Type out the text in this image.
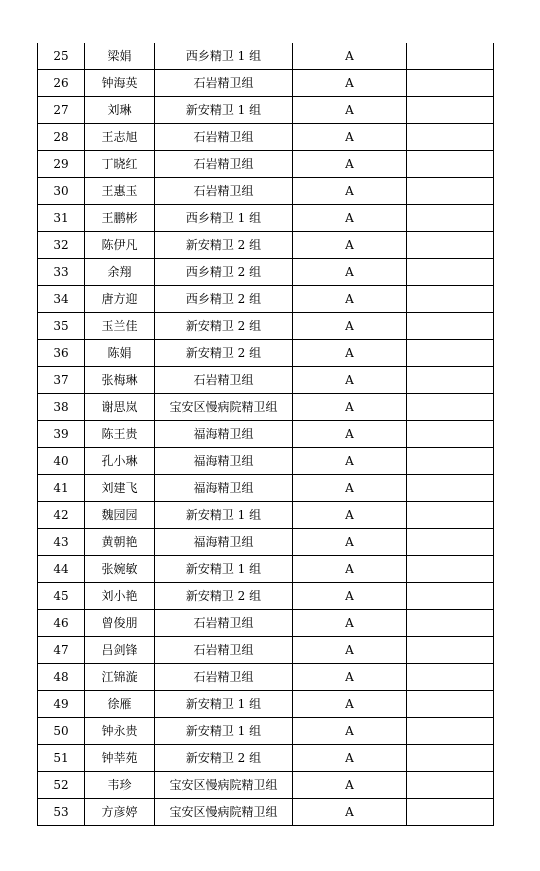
25	梁娟	西乡精卫 1 组	A	
26	钟海英	石岩精卫组	A	
27	刘琳	新安精卫 1 组	A	
28	王志旭	石岩精卫组	A	
29	丁晓红	石岩精卫组	A	
30	王惠玉	石岩精卫组	A	
31	王鹏彬	西乡精卫 1 组	A	
32	陈伊凡	新安精卫 2 组	A	
33	余翔	西乡精卫 2 组	A	
34	唐方迎	西乡精卫 2 组	A	
35	玉兰佳	新安精卫 2 组	A	
36	陈娟	新安精卫 2 组	A	
37	张梅琳	石岩精卫组	A	
38	谢思岚	宝安区慢病院精卫组	A	
39	陈王贵	福海精卫组	A	
40	孔小琳	福海精卫组	A	
41	刘建飞	福海精卫组	A	
42	魏园园	新安精卫 1 组	A	
43	黄朝艳	福海精卫组	A	
44	张婉敏	新安精卫 1 组	A	
45	刘小艳	新安精卫 2 组	A	
46	曾俊朋	石岩精卫组	A	
47	吕剑锋	石岩精卫组	A	
48	江锦漩	石岩精卫组	A	
49	徐雁	新安精卫 1 组	A	
50	钟永贵	新安精卫 1 组	A	
51	钟莘苑	新安精卫 2 组	A	
52	韦珍	宝安区慢病院精卫组	A	
53	方彦婷	宝安区慢病院精卫组	A	
